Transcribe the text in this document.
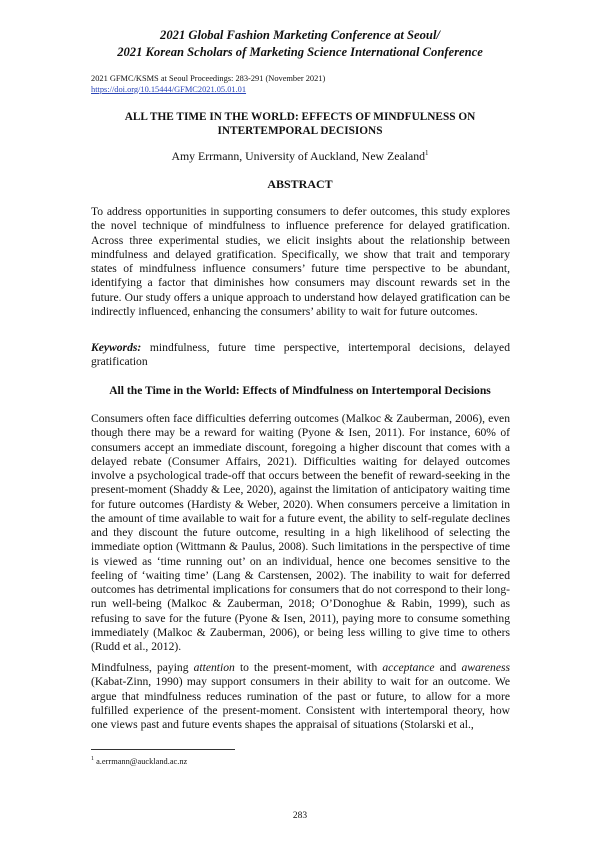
2021 Global Fashion Marketing Conference at Seoul/
2021 Korean Scholars of Marketing Science International Conference
2021 GFMC/KSMS at Seoul Proceedings: 283-291 (November 2021)
https://doi.org/10.15444/GFMC2021.05.01.01
ALL THE TIME IN THE WORLD: EFFECTS OF MINDFULNESS ON
INTERTEMPORAL DECISIONS
Amy Errmann, University of Auckland, New Zealand$^1$
ABSTRACT
To address opportunities in supporting consumers to defer outcomes, this study explores the novel technique of mindfulness to influence preference for delayed gratification. Across three experimental studies, we elicit insights about the relationship between mindfulness and delayed gratification. Specifically, we show that trait and temporary states of mindfulness influence consumers’ future time perspective to be abundant, identifying a factor that diminishes how consumers may discount rewards set in the future. Our study offers a unique approach to understand how delayed gratification can be indirectly influenced, enhancing the consumers’ ability to wait for future outcomes.
Keywords: mindfulness, future time perspective, intertemporal decisions, delayed gratification
All the Time in the World: Effects of Mindfulness on Intertemporal Decisions
Consumers often face difficulties deferring outcomes (Malkoc & Zauberman, 2006), even though there may be a reward for waiting (Pyone & Isen, 2011). For instance, 60% of consumers accept an immediate discount, foregoing a higher discount that comes with a delayed rebate (Consumer Affairs, 2021). Difficulties waiting for delayed outcomes involve a psychological trade-off that occurs between the benefit of reward-seeking in the present-moment (Shaddy & Lee, 2020), against the limitation of anticipatory waiting time for future outcomes (Hardisty & Weber, 2020). When consumers perceive a limitation in the amount of time available to wait for a future event, the ability to self-regulate declines and they discount the future outcome, resulting in a high likelihood of selecting the immediate option (Wittmann & Paulus, 2008). Such limitations in the perspective of time is viewed as ‘time running out’ on an individual, hence one becomes sensitive to the feeling of ‘waiting time’ (Lang & Carstensen, 2002). The inability to wait for deferred outcomes has detrimental implications for consumers that do not correspond to their long-run well-being (Malkoc & Zauberman, 2018; O’Donoghue & Rabin, 1999), such as refusing to save for the future (Pyone & Isen, 2011), paying more to consume something immediately (Malkoc & Zauberman, 2006), or being less willing to give time to others (Rudd et al., 2012).
Mindfulness, paying attention to the present-moment, with acceptance and awareness (Kabat-Zinn, 1990) may support consumers in their ability to wait for an outcome. We argue that mindfulness reduces rumination of the past or future, to allow for a more fulfilled experience of the present-moment. Consistent with intertemporal theory, how one views past and future events shapes the appraisal of situations (Stolarski et al.,
$^1$ a.errmann@auckland.ac.nz
283
